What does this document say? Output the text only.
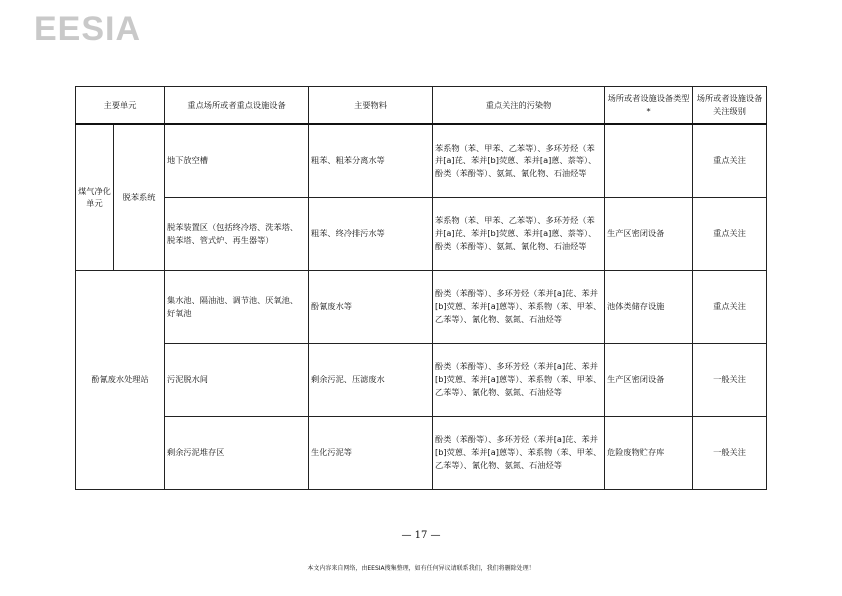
EESIA
主要单元		重点场所或者重点设施设备	主要物料	重点关注的污染物	场所或者设施设备类型*	场所或者设施设备关注级别
煤气净化单元	脱苯系统	地下放空槽	粗苯、粗苯分离水等	苯系物（苯、甲苯、乙苯等）、多环芳烃（苯并[a]芘、苯并[b]荧蒽、苯并[a]蒽、萘等）、酚类（苯酚等）、氨氮、氰化物、石油烃等		重点关注
		脱苯装置区（包括终冷塔、洗苯塔、脱苯塔、管式炉、再生器等）	粗苯、终冷排污水等	苯系物（苯、甲苯、乙苯等）、多环芳烃（苯并[a]芘、苯并[b]荧蒽、苯并[a]蒽、萘等）、酚类（苯酚等）、氨氮、氰化物、石油烃等	生产区密闭设备	重点关注
酚氰废水处理站		集水池、隔油池、调节池、厌氧池、好氧池	酚氰废水等	酚类（苯酚等）、多环芳烃（苯并[a]芘、苯并[b]荧蒽、苯并[a]蒽等）、苯系物（苯、甲苯、乙苯等）、氰化物、氨氮、石油烃等	池体类储存设施	重点关注
		污泥脱水间	剩余污泥、压滤废水	酚类（苯酚等）、多环芳烃（苯并[a]芘、苯并[b]荧蒽、苯并[a]蒽等）、苯系物（苯、甲苯、乙苯等）、氰化物、氨氮、石油烃等	生产区密闭设备	一般关注
		剩余污泥堆存区	生化污泥等	酚类（苯酚等）、多环芳烃（苯并[a]芘、苯并[b]荧蒽、苯并[a]蒽等）、苯系物（苯、甲苯、乙苯等）、氰化物、氨氮、石油烃等	危险废物贮存库	一般关注
— 17 —
本文内容来自网络，由EESIA搜集整理，如有任何异议请联系我们，我们将删除处理！
